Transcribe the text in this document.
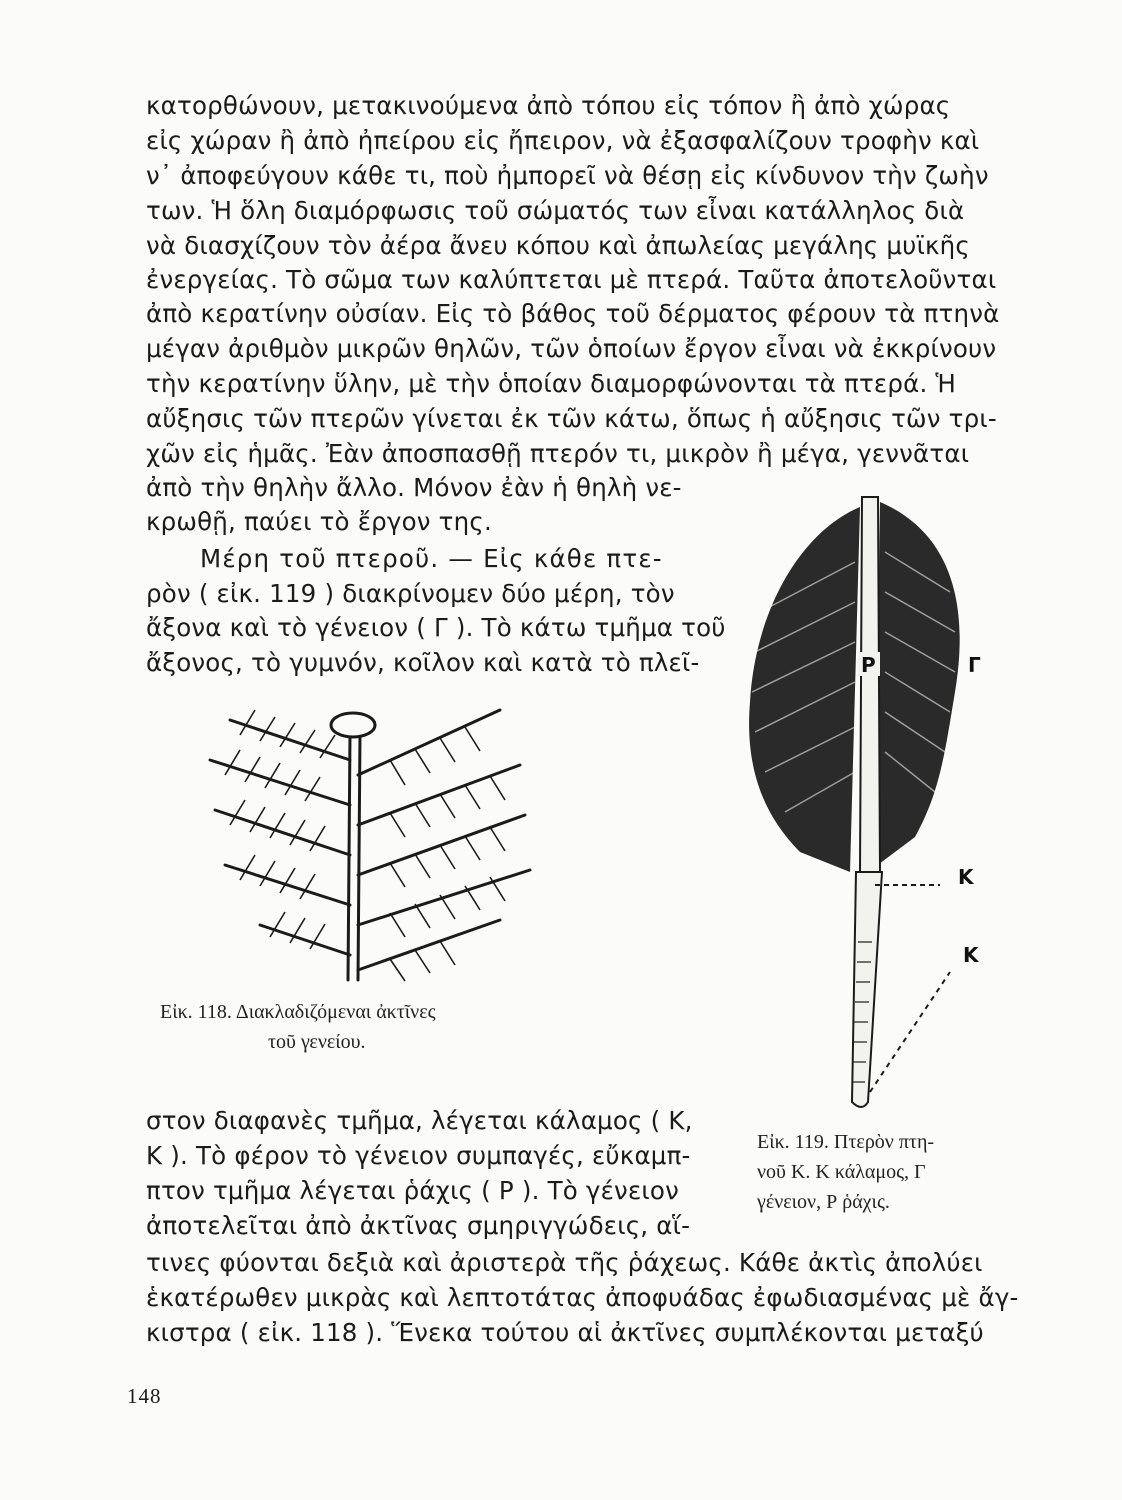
κατορθώνουν, μετακινούμενα ἀπὸ τόπου εἰς τόπον ἢ ἀπὸ χώρας
εἰς χώραν ἢ ἀπὸ ἠπείρου εἰς ἤπειρον, νὰ ἐξασφαλίζουν τροφὴν καὶ
ν᾽ ἀποφεύγουν κάθε τι, ποὺ ἠμπορεῖ νὰ θέσῃ εἰς κίνδυνον τὴν ζωὴν
των. Ἡ ὅλη διαμόρφωσις τοῦ σώματός των εἶναι κατάλληλος διὰ
νὰ διασχίζουν τὸν ἀέρα ἄνευ κόπου καὶ ἀπωλείας μεγάλης μυϊκῆς
ἐνεργείας. Τὸ σῶμα των καλύπτεται μὲ πτερά. Ταῦτα ἀποτελοῦνται
ἀπὸ κερατίνην οὐσίαν. Εἰς τὸ βάθος τοῦ δέρματος φέρουν τὰ πτηνὰ
μέγαν ἀριθμὸν μικρῶν θηλῶν, τῶν ὁποίων ἔργον εἶναι νὰ ἐκκρίνουν
τὴν κερατίνην ὕλην, μὲ τὴν ὁποίαν διαμορφώνονται τὰ πτερά. Ἡ
αὔξησις τῶν πτερῶν γίνεται ἐκ τῶν κάτω, ὅπως ἡ αὔξησις τῶν τρι-
χῶν εἰς ἡμᾶς. Ἐὰν ἀποσπασθῇ πτερόν τι, μικρὸν ἢ μέγα, γεννᾶται
ἀπὸ τὴν θηλὴν ἄλλο. Μόνον ἐὰν ἡ θηλὴ νε-
κρωθῇ, παύει τὸ ἔργον της.
Μέρη τοῦ πτεροῦ. — Εἰς κάθε πτε-
ρὸν ( εἰκ. 119 ) διακρίνομεν δύο μέρη, τὸν
ἄξονα καὶ τὸ γένειον ( Γ ). Τὸ κάτω τμῆμα τοῦ
ἄξονος, τὸ γυμνόν, κοῖλον καὶ κατὰ τὸ πλεῖ-
Εἰκ. 118. Διακλαδιζόμεναι ἀκτῖνες
τοῦ γενείου.
Ρ	Γ
Κ
Κ
Εἰκ. 119. Πτερὸν πτη-
νοῦ Κ. Κ κάλαμος, Γ
γένειον, Ρ ῥάχις.
στον διαφανὲς τμῆμα, λέγεται κάλαμος ( Κ,
Κ ). Τὸ φέρον τὸ γένειον συμπαγές, εὔκαμπ-
πτον τμῆμα λέγεται ῥάχις ( Ρ ). Τὸ γένειον
ἀποτελεῖται ἀπὸ ἀκτῖνας σμηριγγώδεις, αἵ-
τινες φύονται δεξιὰ καὶ ἀριστερὰ τῆς ῥάχεως. Κάθε ἀκτὶς ἀπολύει
ἑκατέρωθεν μικρὰς καὶ λεπτοτάτας ἀποφυάδας ἐφωδιασμένας μὲ ἄγ-
κιστρα ( εἰκ. 118 ). Ἕνεκα τούτου αἱ ἀκτῖνες συμπλέκονται μεταξύ
148
